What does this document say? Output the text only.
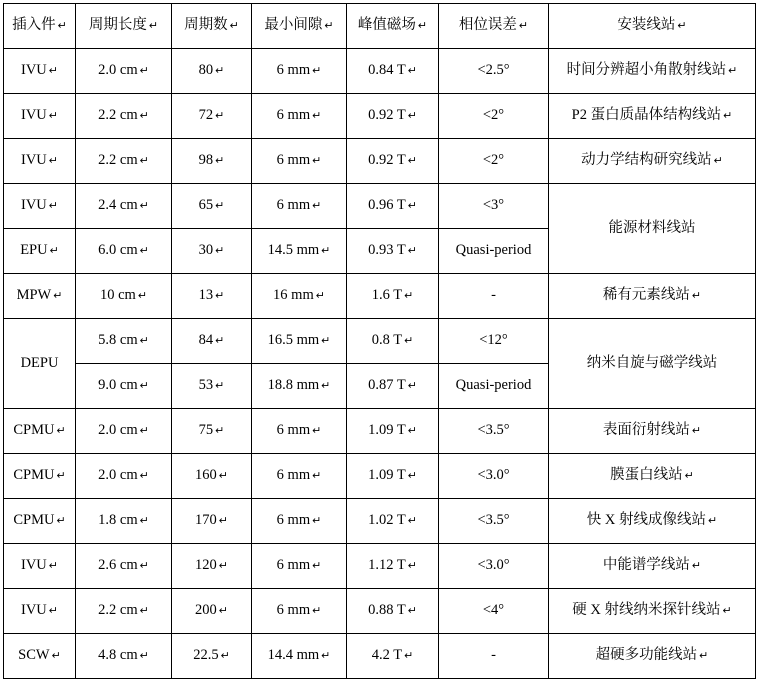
插入件 ↵	周期长度 ↵	周期数 ↵	最小间隙 ↵	峰值磁场 ↵	相位误差 ↵	安装线站 ↵
IVU ↵	2.0 cm ↵	80 ↵	6 mm ↵	0.84 T ↵	<2.5°	时间分辨超小角散射线站 ↵
IVU ↵	2.2 cm ↵	72 ↵	6 mm ↵	0.92 T ↵	<2°	P2 蛋白质晶体结构线站 ↵
IVU ↵	2.2 cm ↵	98 ↵	6 mm ↵	0.92 T ↵	<2°	动力学结构研究线站 ↵
IVU ↵	2.4 cm ↵	65 ↵	6 mm ↵	0.96 T ↵	<3°	能源材料线站
EPU ↵	6.0 cm ↵	30 ↵	14.5 mm ↵	0.93 T ↵	Quasi-period	
MPW ↵	10 cm ↵	13 ↵	16 mm ↵	1.6 T ↵	-	稀有元素线站 ↵
DEPU	5.8 cm ↵	84 ↵	16.5 mm ↵	0.8 T ↵	<12°	纳米自旋与磁学线站
	9.0 cm ↵	53 ↵	18.8 mm ↵	0.87 T ↵	Quasi-period	
CPMU ↵	2.0 cm ↵	75 ↵	6 mm ↵	1.09 T ↵	<3.5°	表面衍射线站 ↵
CPMU ↵	2.0 cm ↵	160 ↵	6 mm ↵	1.09 T ↵	<3.0°	膜蛋白线站 ↵
CPMU ↵	1.8 cm ↵	170 ↵	6 mm ↵	1.02 T ↵	<3.5°	快 X 射线成像线站 ↵
IVU ↵	2.6 cm ↵	120 ↵	6 mm ↵	1.12 T ↵	<3.0°	中能谱学线站 ↵
IVU ↵	2.2 cm ↵	200 ↵	6 mm ↵	0.88 T ↵	<4°	硬 X 射线纳米探针线站 ↵
SCW ↵	4.8 cm ↵	22.5 ↵	14.4 mm ↵	4.2 T ↵	-	超硬多功能线站 ↵
